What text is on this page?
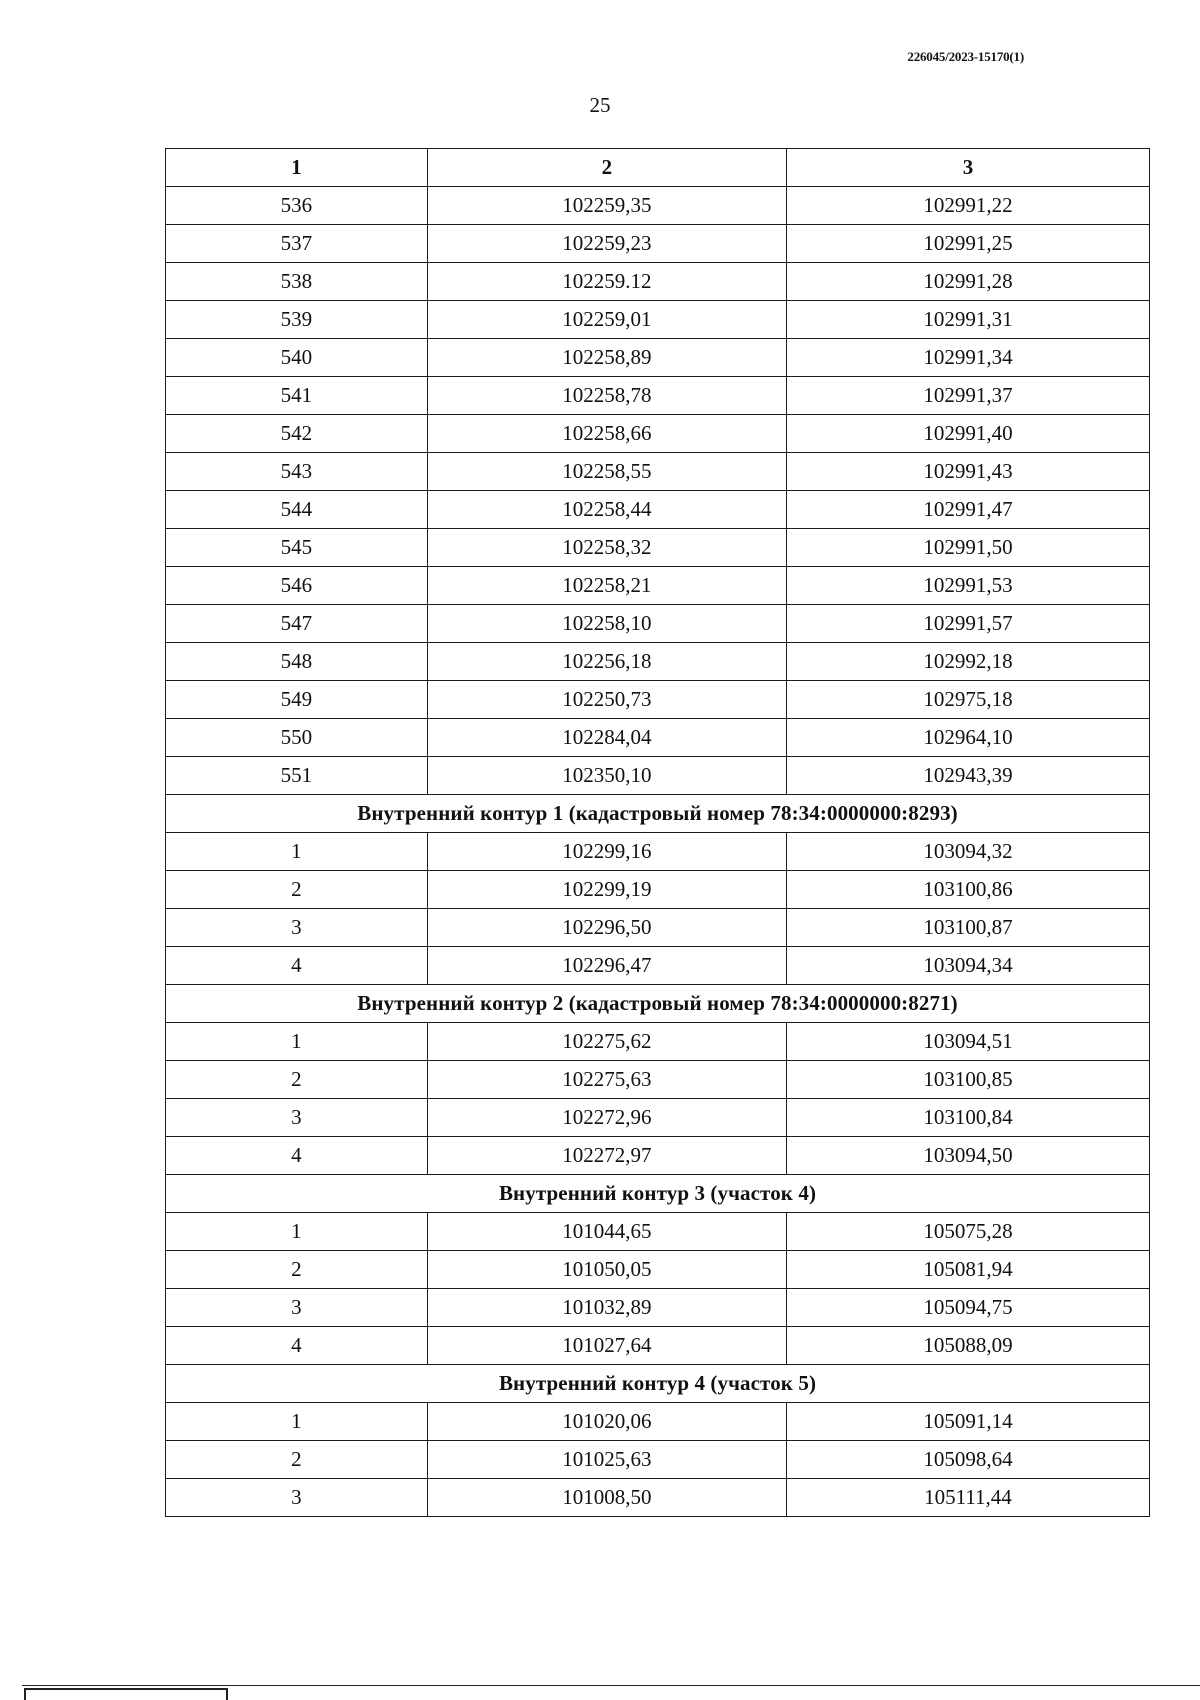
226045/2023-15170(1)
25
1	2	3
536	102259,35	102991,22
537	102259,23	102991,25
538	102259.12	102991,28
539	102259,01	102991,31
540	102258,89	102991,34
541	102258,78	102991,37
542	102258,66	102991,40
543	102258,55	102991,43
544	102258,44	102991,47
545	102258,32	102991,50
546	102258,21	102991,53
547	102258,10	102991,57
548	102256,18	102992,18
549	102250,73	102975,18
550	102284,04	102964,10
551	102350,10	102943,39
Внутренний контур 1 (кадастровый номер 78:34:0000000:8293)		
1	102299,16	103094,32
2	102299,19	103100,86
3	102296,50	103100,87
4	102296,47	103094,34
Внутренний контур 2 (кадастровый номер 78:34:0000000:8271)		
1	102275,62	103094,51
2	102275,63	103100,85
3	102272,96	103100,84
4	102272,97	103094,50
Внутренний контур 3 (участок 4)		
1	101044,65	105075,28
2	101050,05	105081,94
3	101032,89	105094,75
4	101027,64	105088,09
Внутренний контур 4 (участок 5)		
1	101020,06	105091,14
2	101025,63	105098,64
3	101008,50	105111,44
